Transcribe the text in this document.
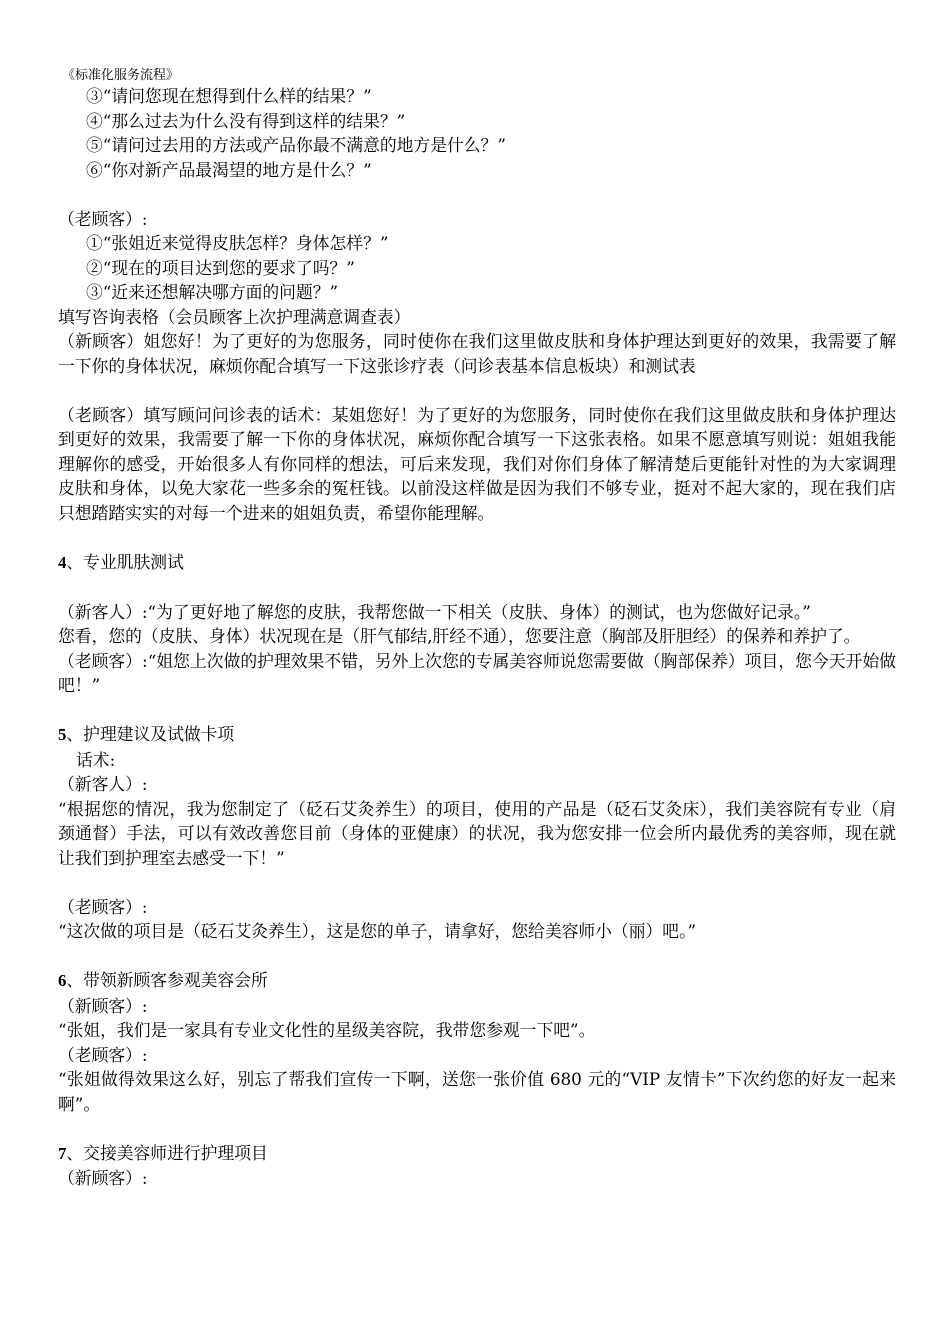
《标准化服务流程》

③“请问您现在想得到什么样的结果？”

④“那么过去为什么没有得到这样的结果？”

⑤“请问过去用的方法或产品你最不满意的地方是什么？”

⑥“你对新产品最渴望的地方是什么？”

（老顾客）:

①“张姐近来觉得皮肤怎样？身体怎样？”

②“现在的项目达到您的要求了吗？”

③“近来还想解决哪方面的问题？”

填写咨询表格（会员顾客上次护理满意调查表）

（新顾客）姐您好！为了更好的为您服务，同时使你在我们这里做皮肤和身体护理达到更好的效果，我需要了解一下你的身体状况，麻烦你配合填写一下这张诊疗表（问诊表基本信息板块）和测试表

（老顾客）填写顾问问诊表的话术：某姐您好！为了更好的为您服务，同时使你在我们这里做皮肤和身体护理达到更好的效果，我需要了解一下你的身体状况，麻烦你配合填写一下这张表格。如果不愿意填写则说：姐姐我能理解你的感受，开始很多人有你同样的想法，可后来发现，我们对你们身体了解清楚后更能针对性的为大家调理皮肤和身体，以免大家花一些多余的冤枉钱。以前没这样做是因为我们不够专业，挺对不起大家的，现在我们店只想踏踏实实的对每一个进来的姐姐负责，希望你能理解。

4、专业肌肤测试

（新客人）:“为了更好地了解您的皮肤，我帮您做一下相关（皮肤、身体）的测试，也为您做好记录。”

您看，您的（皮肤、身体）状况现在是（肝气郁结,肝经不通），您要注意（胸部及肝胆经）的保养和养护了。

（老顾客）:“姐您上次做的护理效果不错，另外上次您的专属美容师说您需要做（胸部保养）项目，您今天开始做吧！”

5、护理建议及试做卡项

话术:

（新客人）:

“根据您的情况，我为您制定了（砭石艾灸养生）的项目，使用的产品是（砭石艾灸床），我们美容院有专业（肩颈通督）手法，可以有效改善您目前（身体的亚健康）的状况，我为您安排一位会所内最优秀的美容师，现在就让我们到护理室去感受一下！”

（老顾客）:

“这次做的项目是（砭石艾灸养生），这是您的单子，请拿好，您给美容师小（丽）吧。”

6、带领新顾客参观美容会所

（新顾客）:

“张姐，我们是一家具有专业文化性的星级美容院，我带您参观一下吧”。

（老顾客）:

“张姐做得效果这么好，别忘了帮我们宣传一下啊，送您一张价值 680 元的“VIP 友情卡”下次约您的好友一起来啊”。

7、交接美容师进行护理项目

（新顾客）:
